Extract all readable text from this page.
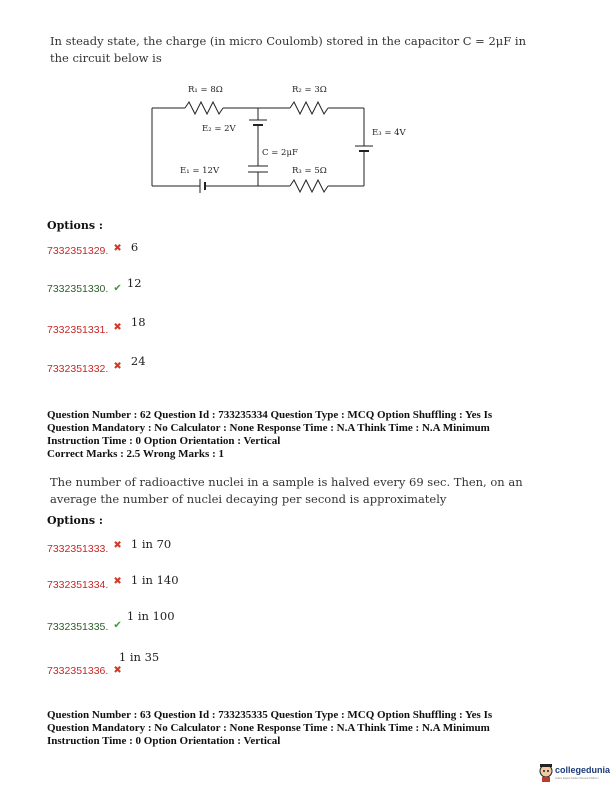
In steady state, the charge (in micro Coulomb) stored in the capacitor C = 2μF in
the circuit below is
R₁ = 8Ω	R₂ = 3Ω
E₂ = 2V	E₃ = 4V
C = 2μF
E₁ = 12V	R₃ = 5Ω
Options :
7332351329. ✖ 6
$_{7332351330.}$ $_✔$ 12
$_{7332351331.}$ $_✖$ 18
$_{7332351332.}$ $_✖$ 24
Question Number : 62 Question Id : 733235334 Question Type : MCQ Option Shuffling : Yes Is
Question Mandatory : No Calculator : None Response Time : N.A Think Time : N.A Minimum
Instruction Time : 0 Option Orientation : Vertical
Correct Marks : 2.5 Wrong Marks : 1
The number of radioactive nuclei in a sample is halved every 69 sec. Then, on an
average the number of nuclei decaying per second is approximately
Options :
$_{7332351333.}$ ✖ 1 in 70
$_{7332351334.}$ ✖ 1 in 140
$_{7332351335.}$ $_✔$ 1 in 100
$_{7332351336.}$ $_✖$ 1 in 35
Question Number : 63 Question Id : 733235335 Question Type : MCQ Option Shuffling : Yes Is
Question Mandatory : No Calculator : None Response Time : N.A Think Time : N.A Minimum
Instruction Time : 0 Option Orientation : Vertical
collegedunia
India's largest Student Review Platform
